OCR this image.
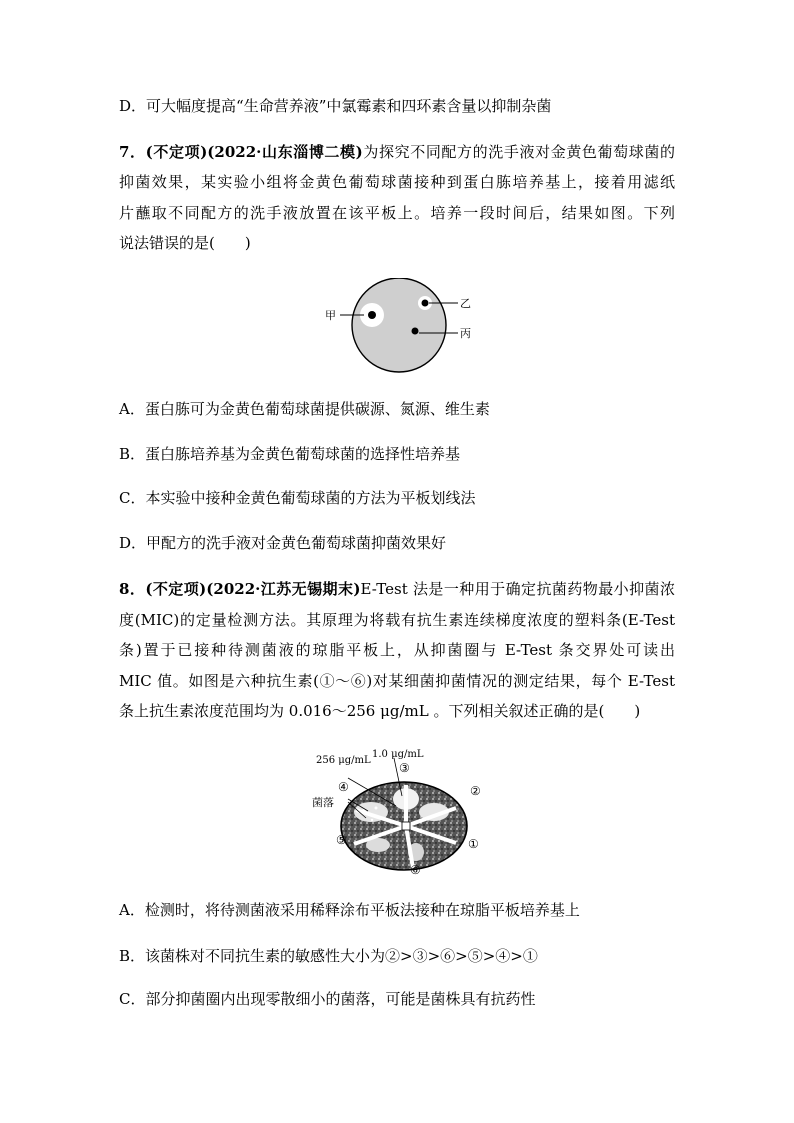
D．可大幅度提高“生命营养液”中氯霉素和四环素含量以抑制杂菌
7．(不定项)(2022·山东淄博二模)为探究不同配方的洗手液对金黄色葡萄球菌的
抑菌效果，某实验小组将金黄色葡萄球菌接种到蛋白胨培养基上，接着用滤纸
片蘸取不同配方的洗手液放置在该平板上。培养一段时间后，结果如图。下列
说法错误的是(　　)
甲
乙
丙
A．蛋白胨可为金黄色葡萄球菌提供碳源、氮源、维生素
B．蛋白胨培养基为金黄色葡萄球菌的选择性培养基
C．本实验中接种金黄色葡萄球菌的方法为平板划线法
D．甲配方的洗手液对金黄色葡萄球菌抑菌效果好
8．(不定项)(2022·江苏无锡期末)E-Test 法是一种用于确定抗菌药物最小抑菌浓
度(MIC)的定量检测方法。其原理为将载有抗生素连续梯度浓度的塑料条(E-Test
条)置于已接种待测菌液的琼脂平板上，从抑菌圈与 E-Test 条交界处可读出
MIC 值。如图是六种抗生素(①～⑥)对某细菌抑菌情况的测定结果，每个 E-Test
条上抗生素浓度范围均为 0.016～256 μg/mL 。下列相关叙述正确的是(　　)
256 μg/mL
1.0 μg/mL
菌落
③
②
④
①
⑤
⑥
A．检测时，将待测菌液采用稀释涂布平板法接种在琼脂平板培养基上
B．该菌株对不同抗生素的敏感性大小为②>③>⑥>⑤>④>①
C．部分抑菌圈内出现零散细小的菌落，可能是菌株具有抗药性
